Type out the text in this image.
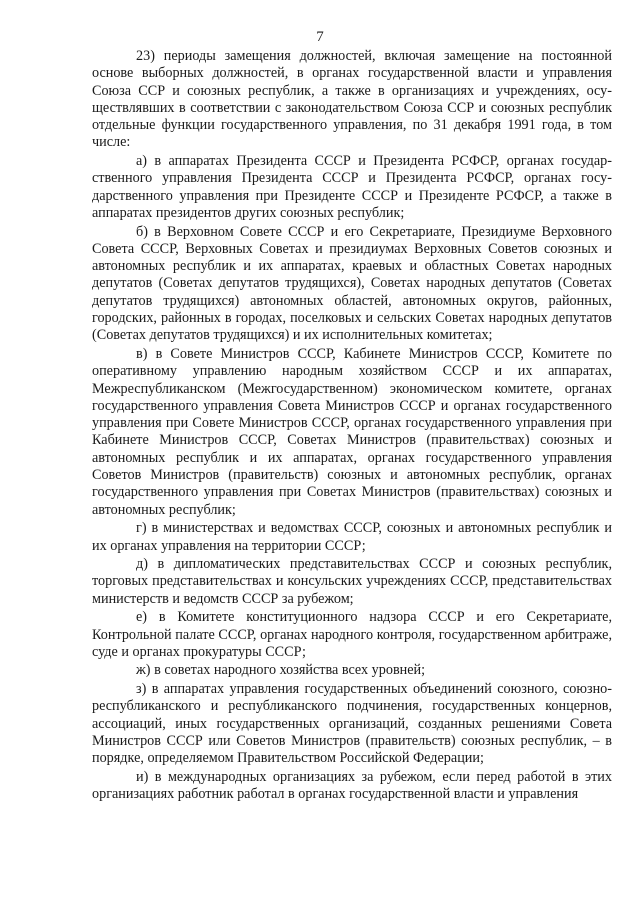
7

23) периоды замещения должностей, включая замещение на постоянной основе выборных должностей, в органах государственной власти и управления Союза ССР и союзных республик, а также в организациях и учреждениях, осуществлявших в соответствии с законодательством Союза ССР и союзных республик отдельные функции государственного управления, по 31 декабря 1991 года, в том числе:

а) в аппаратах Президента СССР и Президента РСФСР, органах государственного управления Президента СССР и Президента РСФСР, органах государственного управления при Президенте СССР и Президенте РСФСР, а также в аппаратах президентов других союзных республик;

б) в Верховном Совете СССР и его Секретариате, Президиуме Верховного Совета СССР, Верховных Советах и президиумах Верховных Советов союзных и автономных республик и их аппаратах, краевых и областных Советах народных депутатов (Советах депутатов трудящихся), Советах народных депутатов (Советах депутатов трудящихся) автономных областей, автономных округов, районных, городских, районных в городах, поселковых и сельских Советах народных депутатов (Советах депутатов трудящихся) и их исполнительных комитетах;

в) в Совете Министров СССР, Кабинете Министров СССР, Комитете по оперативному управлению народным хозяйством СССР и их аппаратах, Межреспубликанском (Межгосударственном) экономическом комитете, органах государственного управления Совета Министров СССР и органах государственного управления при Совете Министров СССР, органах государственного управления при Кабинете Министров СССР, Советах Министров (правительствах) союзных и автономных республик и их аппаратах, органах государственного управления Советов Министров (правительств) союзных и автономных республик, органах государственного управления при Советах Министров (правительствах) союзных и автономных республик;

г) в министерствах и ведомствах СССР, союзных и автономных республик и их органах управления на территории СССР;

д) в дипломатических представительствах СССР и союзных республик, торговых представительствах и консульских учреждениях СССР, представительствах министерств и ведомств СССР за рубежом;

е) в Комитете конституционного надзора СССР и его Секретариате, Контрольной палате СССР, органах народного контроля, государственном арбитраже, суде и органах прокуратуры СССР;

ж) в советах народного хозяйства всех уровней;

з) в аппаратах управления государственных объединений союзного, союзно-республиканского и республиканского подчинения, государственных концернов, ассоциаций, иных государственных организаций, созданных решениями Совета Министров СССР или Советов Министров (правительств) союзных республик, – в порядке, определяемом Правительством Российской Федерации;

и) в международных организациях за рубежом, если перед работой в этих организациях работник работал в органах государственной власти и управления
